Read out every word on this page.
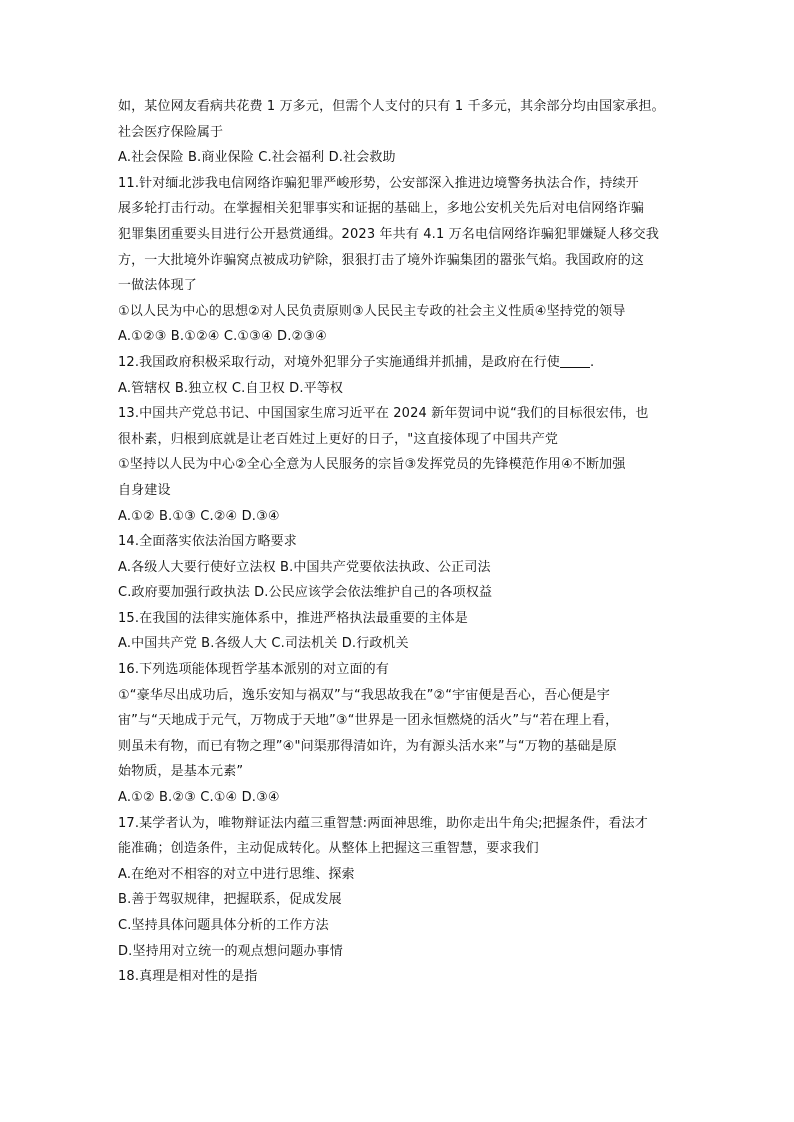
如，某位网友看病共花费 1 万多元，但需个人支付的只有 1 千多元，其余部分均由国家承担。
社会医疗保险属于
A.社会保险 B.商业保险 C.社会福利 D.社会救助
11.针对缅北涉我电信网络诈骗犯罪严峻形势，公安部深入推进边境警务执法合作，持续开
展多轮打击行动。在掌握相关犯罪事实和证据的基础上，多地公安机关先后对电信网络诈骗
犯罪集团重要头目进行公开悬赏通缉。2023 年共有 4.1 万名电信网络诈骗犯罪嫌疑人移交我
方，一大批境外诈骗窝点被成功铲除，狠狠打击了境外诈骗集团的嚣张气焰。我国政府的这
一做法体现了
①以人民为中心的思想②对人民负责原则③人民民主专政的社会主义性质④坚持党的领导
A.①②③ B.①②④ C.①③④ D.②③④
12.我国政府积极采取行动，对境外犯罪分子实施通缉并抓捕，是政府在行使 .
A.管辖权 B.独立权 C.自卫权 D.平等权
13.中国共产党总书记、中国国家生席习近平在 2024 新年贺词中说“我们的目标很宏伟，也
很朴素，归根到底就是让老百姓过上更好的日子，"这直接体现了中国共产党
①坚持以人民为中心②全心全意为人民服务的宗旨③发挥党员的先锋模范作用④不断加强
自身建设
A.①② B.①③ C.②④ D.③④
14.全面落实依法治国方略要求
A.各级人大要行使好立法权 B.中国共产党要依法执政、公正司法
C.政府要加强行政执法 D.公民应该学会依法维护自己的各项权益
15.在我国的法律实施体系中，推进严格执法最重要的主体是
A.中国共产党 B.各级人大 C.司法机关 D.行政机关
16.下列选项能体现哲学基本派别的对立面的有
①“豪华尽出成功后，逸乐安知与祸双”与“我思故我在”②“宇宙便是吾心，吾心便是宇
宙”与“天地成于元气，万物成于天地”③“世界是一团永恒燃烧的活火”与“若在理上看，
则虽未有物，而已有物之理”④"问渠那得清如许，为有源头活水来”与“万物的基础是原
始物质，是基本元素”
A.①② B.②③ C.①④ D.③④
17.某学者认为，唯物辩证法内蕴三重智慧:两面神思维，助你走出牛角尖;把握条件，看法才
能准确；创造条件，主动促成转化。从整体上把握这三重智慧，要求我们
A.在绝对不相容的对立中进行思维、探索
B.善于驾驭规律，把握联系，促成发展
C.坚持具体问题具体分析的工作方法
D.坚持用对立统一的观点想问题办事情
18.真理是相对性的是指
